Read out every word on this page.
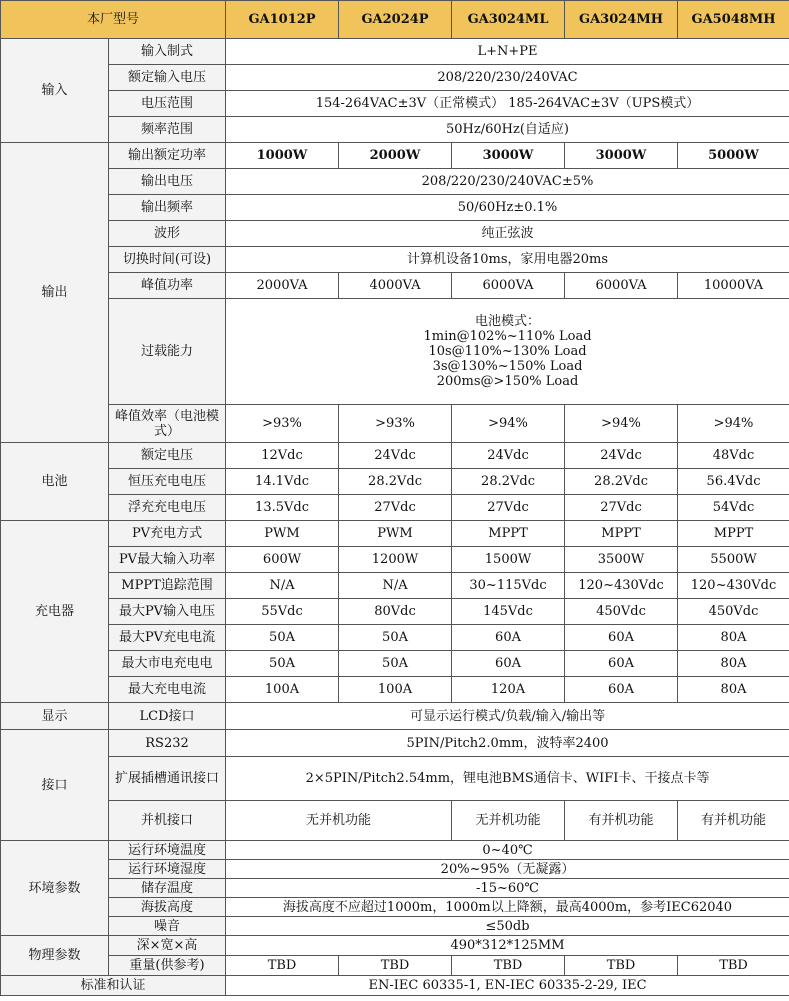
本厂型号		GA1012P	GA2024P	GA3024ML	GA3024MH	GA5048MH
输入	输入制式	L+N+PE				
	额定输入电压	208/220/230/240VAC				
	电压范围	154-264VAC±3V（正常模式） 185-264VAC±3V（UPS模式）				
	频率范围	50Hz/60Hz(自适应)				
输出	输出额定功率	1000W	2000W	3000W	3000W	5000W
	输出电压	208/220/230/240VAC±5%				
	输出频率	50/60Hz±0.1%				
	波形	纯正弦波				
	切换时间(可设)	计算机设备10ms，家用电器20ms				
	峰值功率	2000VA	4000VA	6000VA	6000VA	10000VA
	过载能力	电池模式：
1min@102%~110% Load
10s@110%~130% Load
3s@130%~150% Load
200ms@>150% Load				

	峰值效率（电池模式）	>93%	>93%	>94%	>94%	>94%
电池	额定电压	12Vdc	24Vdc	24Vdc	24Vdc	48Vdc
	恒压充电电压	14.1Vdc	28.2Vdc	28.2Vdc	28.2Vdc	56.4Vdc
	浮充充电电压	13.5Vdc	27Vdc	27Vdc	27Vdc	54Vdc
充电器	PV充电方式	PWM	PWM	MPPT	MPPT	MPPT
	PV最大输入功率	600W	1200W	1500W	3500W	5500W
	MPPT追踪范围	N/A	N/A	30~115Vdc	120~430Vdc	120~430Vdc
	最大PV输入电压	55Vdc	80Vdc	145Vdc	450Vdc	450Vdc
	最大PV充电电流	50A	50A	60A	60A	80A
	最大市电充电电	50A	50A	60A	60A	80A
	最大充电电流	100A	100A	120A	60A	80A
显示	LCD接口	可显示运行模式/负载/输入/输出等				
接口	RS232	5PIN/Pitch2.0mm，波特率2400				
	扩展插槽通讯接口	2×5PIN/Pitch2.54mm，锂电池BMS通信卡、WIFI卡、干接点卡等				
	并机接口	无并机功能		无并机功能	有并机功能	有并机功能
环境参数	运行环境温度	0~40℃				
	运行环境湿度	20%~95%（无凝露）				
	储存温度	-15~60℃				
	海拔高度	海拔高度不应超过1000m，1000m以上降额，最高4000m，参考IEC62040				
	噪音	≤50db				
物理参数	深×宽×高	490*312*125MM				
	重量(供参考)	TBD	TBD	TBD	TBD	TBD
标准和认证		EN-IEC 60335-1, EN-IEC 60335-2-29, IEC				
